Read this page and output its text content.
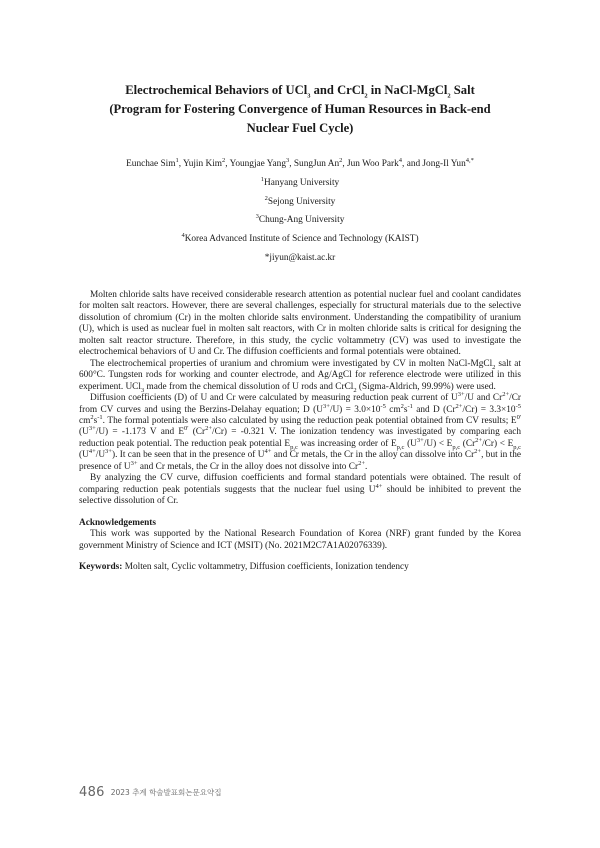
Electrochemical Behaviors of UCl$_3$ and CrCl$_2$ in NaCl-MgCl$_2$ Salt
(Program for Fostering Convergence of Human Resources in Back-end
Nuclear Fuel Cycle)
Eunchae Sim$^1$, Yujin Kim$^2$, Youngjae Yang$^3$, SungJun An$^2$, Jun Woo Park$^4$, and Jong-Il Yun$^{4,*}$
$^1$Hanyang University
$^2$Sejong University
$^3$Chung-Ang University
$^4$Korea Advanced Institute of Science and Technology (KAIST)
*jiyun@kaist.ac.kr

Molten chloride salts have received considerable research attention as potential nuclear fuel and coolant candidates for molten salt reactors. However, there are several challenges, especially for structural materials due to the selective dissolution of chromium (Cr) in the molten chloride salts environment. Understanding the compatibility of uranium (U), which is used as nuclear fuel in molten salt reactors, with Cr in molten chloride salts is critical for designing the molten salt reactor structure. Therefore, in this study, the cyclic voltammetry (CV) was used to investigate the electrochemical behaviors of U and Cr. The diffusion coefficients and formal potentials were obtained.

The electrochemical properties of uranium and chromium were investigated by CV in molten NaCl-MgCl$_2$ salt at 600°C. Tungsten rods for working and counter electrode, and Ag/AgCl for reference electrode were utilized in this experiment. UCl$_3$ made from the chemical dissolution of U rods and CrCl$_2$ (Sigma-Aldrich, 99.99%) were used.

Diffusion coefficients (D) of U and Cr were calculated by measuring reduction peak current of $U^{3+}/U$ and $Cr^{2+}/Cr$ from CV curves and using the Berzins-Delahay equation; D $(U^{3+}/U) = 3.0\times 10^{-5}$ $cm^2s^{-1}$ and D $(Cr^{2+}/Cr) = 3.3\times 10^{-5}$ $cm^2s^{-1}$. The formal potentials were also calculated by using the reduction peak potential obtained from CV results; $E^{0'}$ $(U^{3+}/U) = -1.173$ V and $E^{0'}$ $(Cr^{2+}/Cr) = -0.321$ V. The ionization tendency was investigated by comparing each reduction peak potential. The reduction peak potential $E_{p,c}$ was increasing order of $E_{p,c}$ $(U^{3+}/U) < E_{p,c}$ $(Cr^{2+}/Cr) < E_{p,c}$ $(U^{4+}/U^{3+})$. It can be seen that in the presence of $U^{4+}$ and Cr metals, the Cr in the alloy can dissolve into $Cr^{2+}$, but in the presence of $U^{3+}$ and Cr metals, the Cr in the alloy does not dissolve into $Cr^{2+}$.

By analyzing the CV curve, diffusion coefficients and formal standard potentials were obtained. The result of comparing reduction peak potentials suggests that the nuclear fuel using $U^{4+}$ should be inhibited to prevent the selective dissolution of Cr.

Acknowledgements

This work was supported by the National Research Foundation of Korea (NRF) grant funded by the Korea government Ministry of Science and ICT (MSIT) (No. 2021M2C7A1A02076339).

Keywords: Molten salt, Cyclic voltammetry, Diffusion coefficients, Ionization tendency

486 2023 추계 학술발표회논문요약집
